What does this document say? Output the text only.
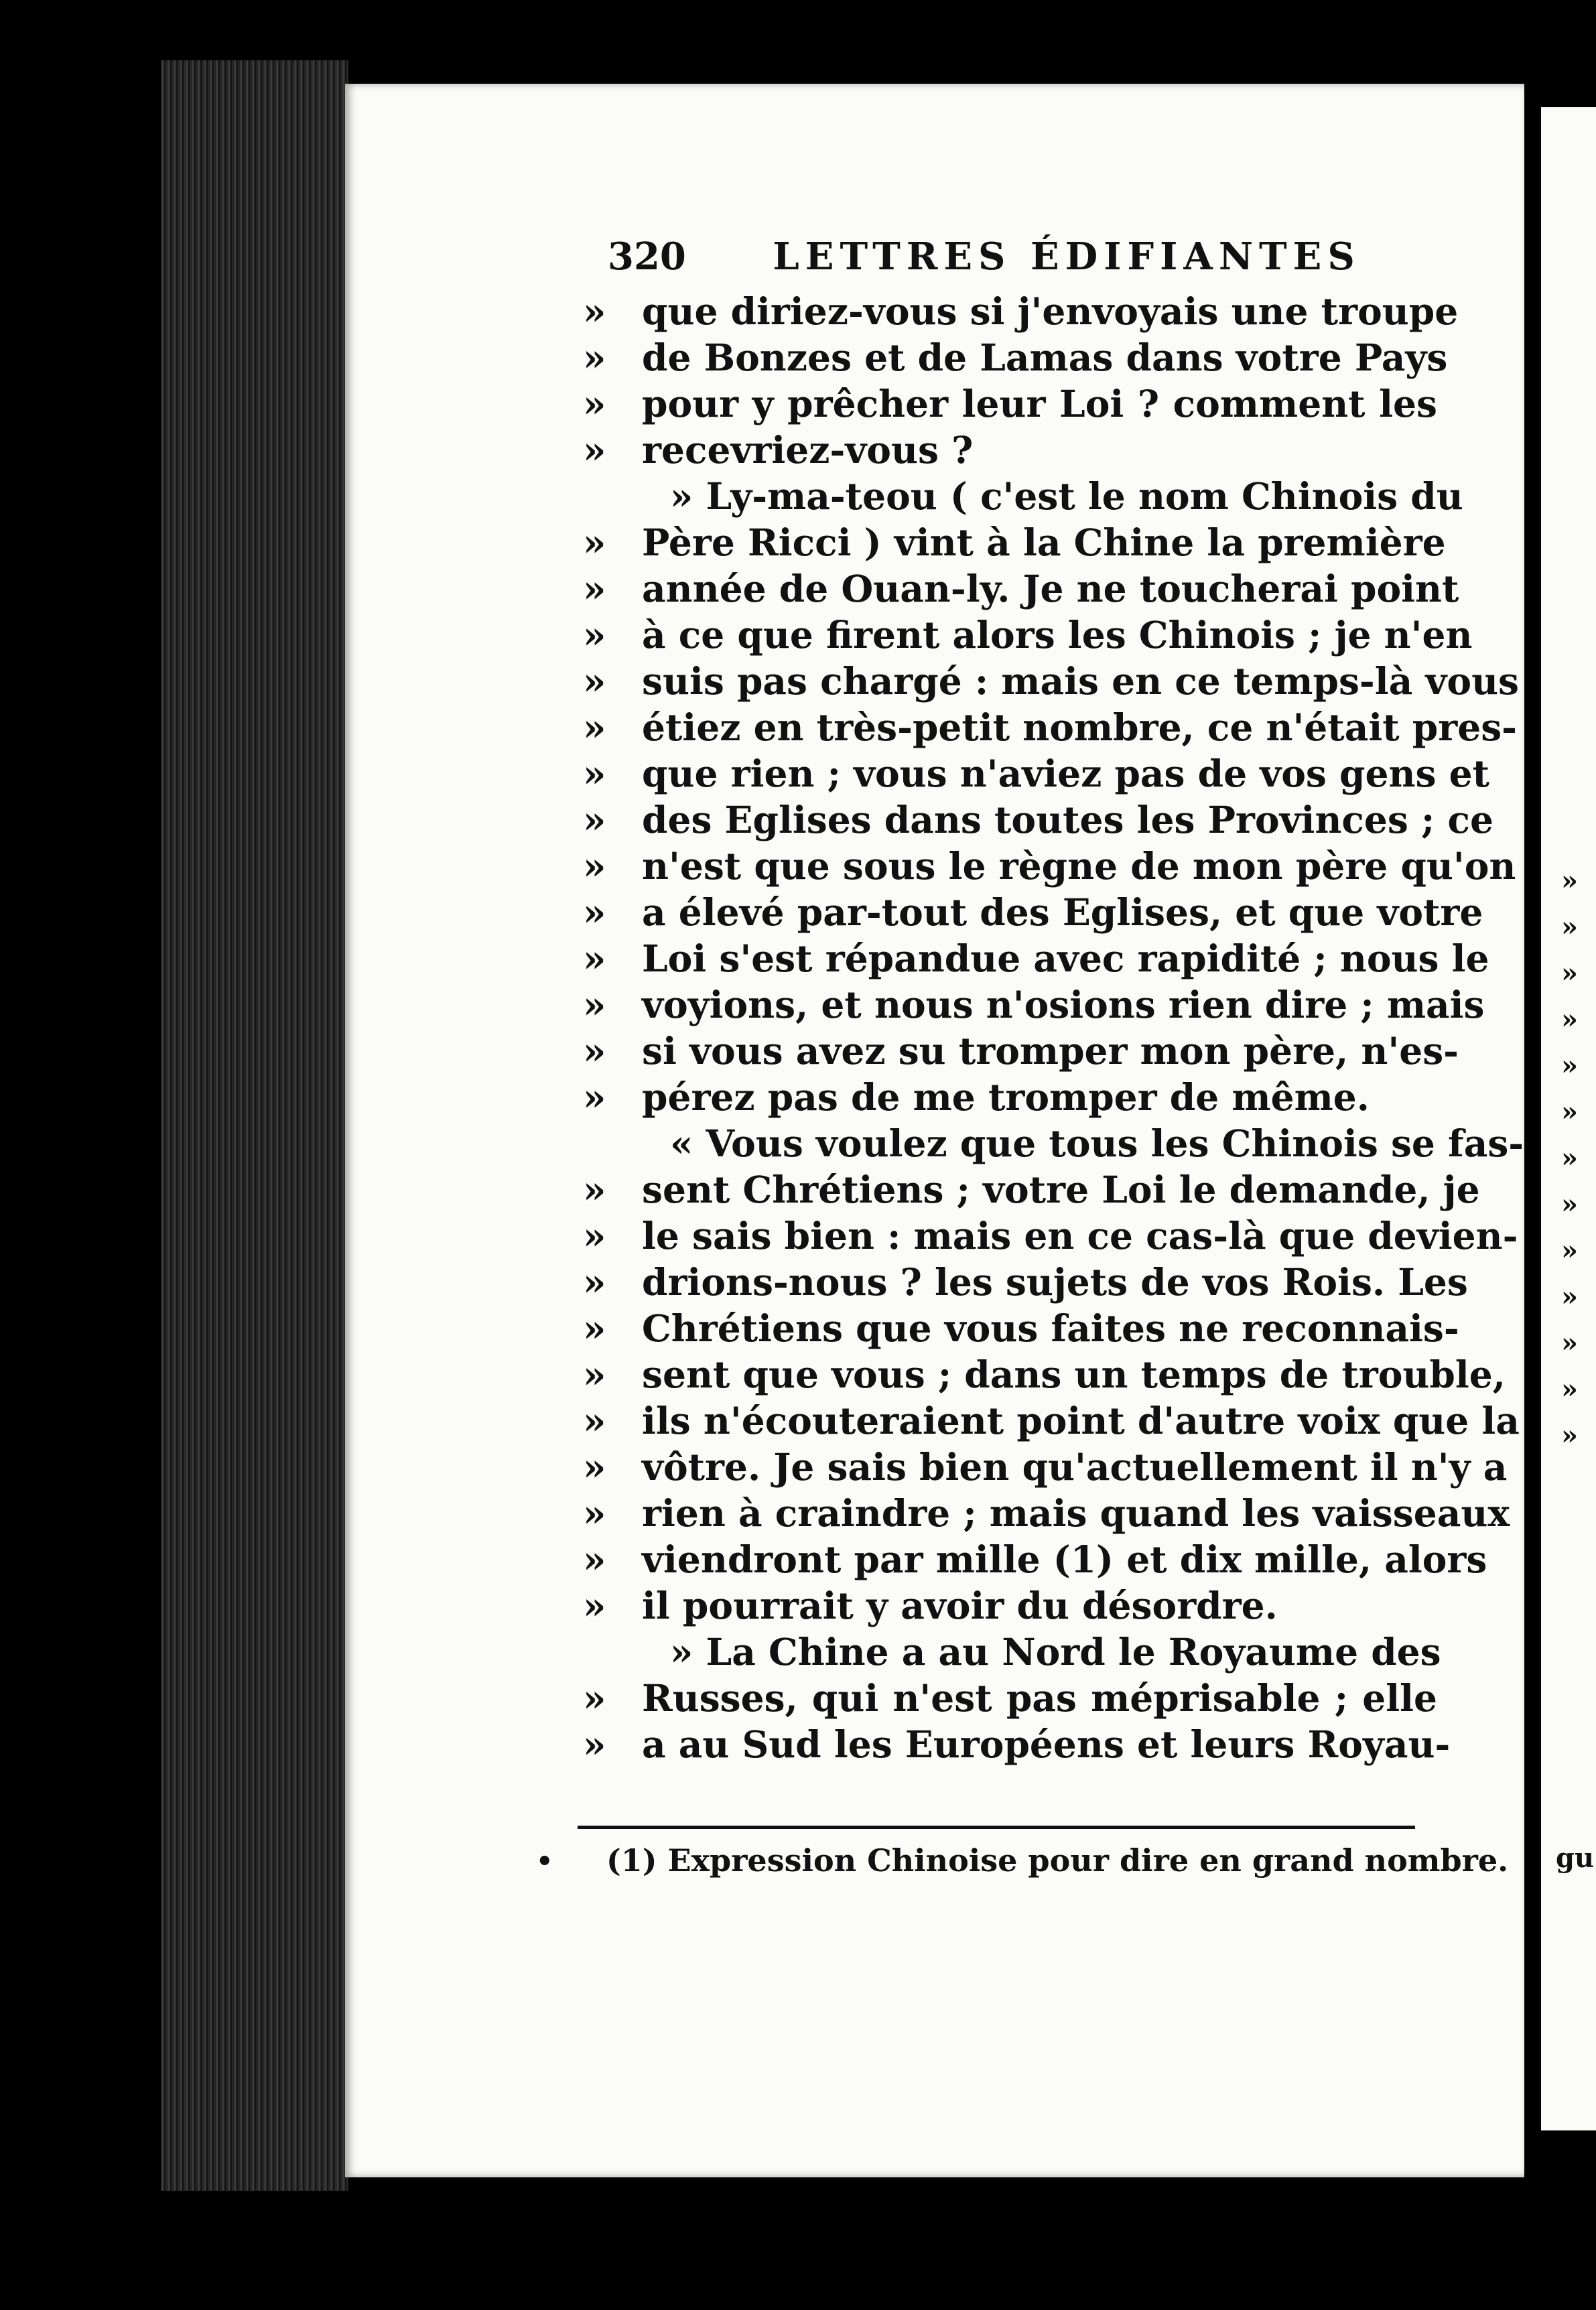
»
»
»
»
»
»
»
»
»
»
»
»
»
gu
320 LETTRES ÉDIFIANTES
» que diriez-vous si j'envoyais une troupe
» de Bonzes et de Lamas dans votre Pays
» pour y prêcher leur Loi ? comment les
» recevriez-vous ?
» Ly-ma-teou ( c'est le nom Chinois du
» Père Ricci ) vint à la Chine la première
» année de Ouan-ly. Je ne toucherai point
» à ce que firent alors les Chinois ; je n'en
» suis pas chargé : mais en ce temps-là vous
» étiez en très-petit nombre, ce n'était pres-
» que rien ; vous n'aviez pas de vos gens et
» des Eglises dans toutes les Provinces ; ce
» n'est que sous le règne de mon père qu'on
» a élevé par-tout des Eglises, et que votre
» Loi s'est répandue avec rapidité ; nous le
» voyions, et nous n'osions rien dire ; mais
» si vous avez su tromper mon père, n'es-
» pérez pas de me tromper de même.
« Vous voulez que tous les Chinois se fas-
» sent Chrétiens ; votre Loi le demande, je
» le sais bien : mais en ce cas-là que devien-
» drions-nous ? les sujets de vos Rois. Les
» Chrétiens que vous faites ne reconnais-
» sent que vous ; dans un temps de trouble,
» ils n'écouteraient point d'autre voix que la
» vôtre. Je sais bien qu'actuellement il n'y a
» rien à craindre ; mais quand les vaisseaux
» viendront par mille (1) et dix mille, alors
» il pourrait y avoir du désordre.
» La Chine a au Nord le Royaume des
» Russes, qui n'est pas méprisable ; elle
» a au Sud les Européens et leurs Royau-
• (1) Expression Chinoise pour dire en grand nombre.
